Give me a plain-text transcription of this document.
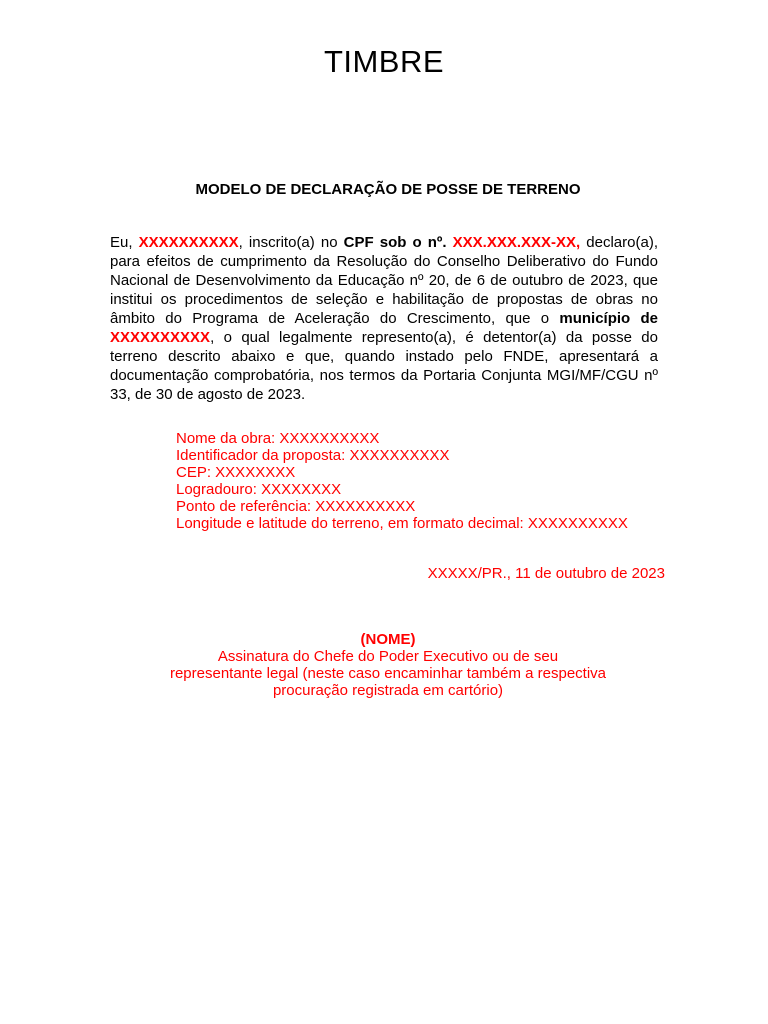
TIMBRE
MODELO DE DECLARAÇÃO DE POSSE DE TERRENO
Eu, XXXXXXXXXX, inscrito(a) no CPF sob o nº. XXX.XXX.XXX-XX, declaro(a), para efeitos de cumprimento da Resolução do Conselho Deliberativo do Fundo Nacional de Desenvolvimento da Educação nº 20, de 6 de outubro de 2023, que institui os procedimentos de seleção e habilitação de propostas de obras no âmbito do Programa de Aceleração do Crescimento, que o município de XXXXXXXXXX, o qual legalmente represento(a), é detentor(a) da posse do terreno descrito abaixo e que, quando instado pelo FNDE, apresentará a documentação comprobatória, nos termos da Portaria Conjunta MGI/MF/CGU nº 33, de 30 de agosto de 2023.
Nome da obra: XXXXXXXXXX
Identificador da proposta: XXXXXXXXXX
CEP: XXXXXXXX
Logradouro: XXXXXXXX
Ponto de referência: XXXXXXXXXX
Longitude e latitude do terreno, em formato decimal: XXXXXXXXXX
XXXXX/PR., 11 de outubro de 2023
(NOME)
Assinatura do Chefe do Poder Executivo ou de seu
representante legal (neste caso encaminhar também a respectiva
procuração registrada em cartório)
